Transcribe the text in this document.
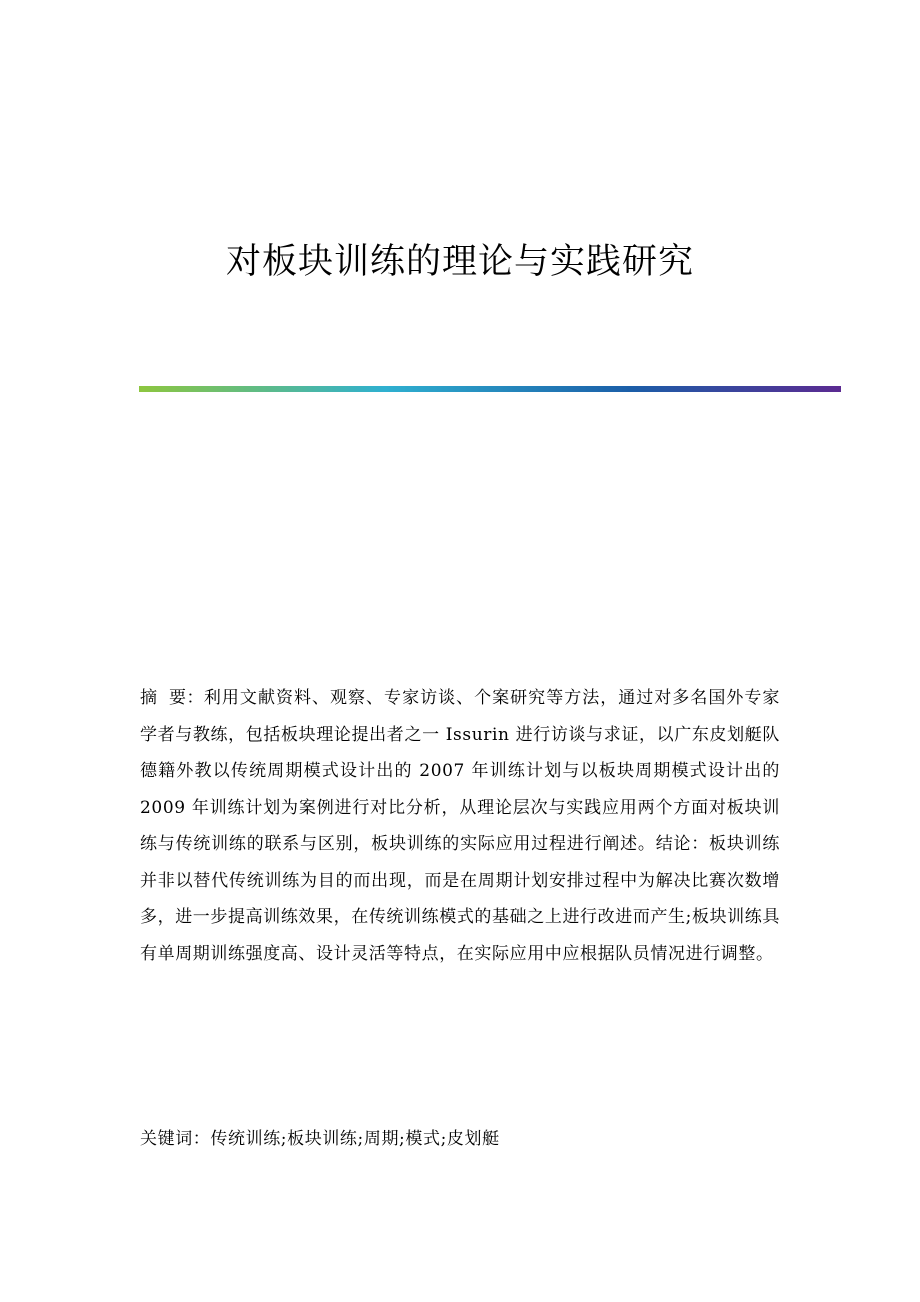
对板块训练的理论与实践研究

摘  要：利用文献资料、观察、专家访谈、个案研究等方法，通过对多名国外专家学者与教练，包括板块理论提出者之一 Issurin 进行访谈与求证，以广东皮划艇队德籍外教以传统周期模式设计出的 2007 年训练计划与以板块周期模式设计出的 2009 年训练计划为案例进行对比分析，从理论层次与实践应用两个方面对板块训练与传统训练的联系与区别，板块训练的实际应用过程进行阐述。结论：板块训练并非以替代传统训练为目的而出现，而是在周期计划安排过程中为解决比赛次数增多，进一步提高训练效果，在传统训练模式的基础之上进行改进而产生;板块训练具有单周期训练强度高、设计灵活等特点，在实际应用中应根据队员情况进行调整。

关键词：传统训练;板块训练;周期;模式;皮划艇
